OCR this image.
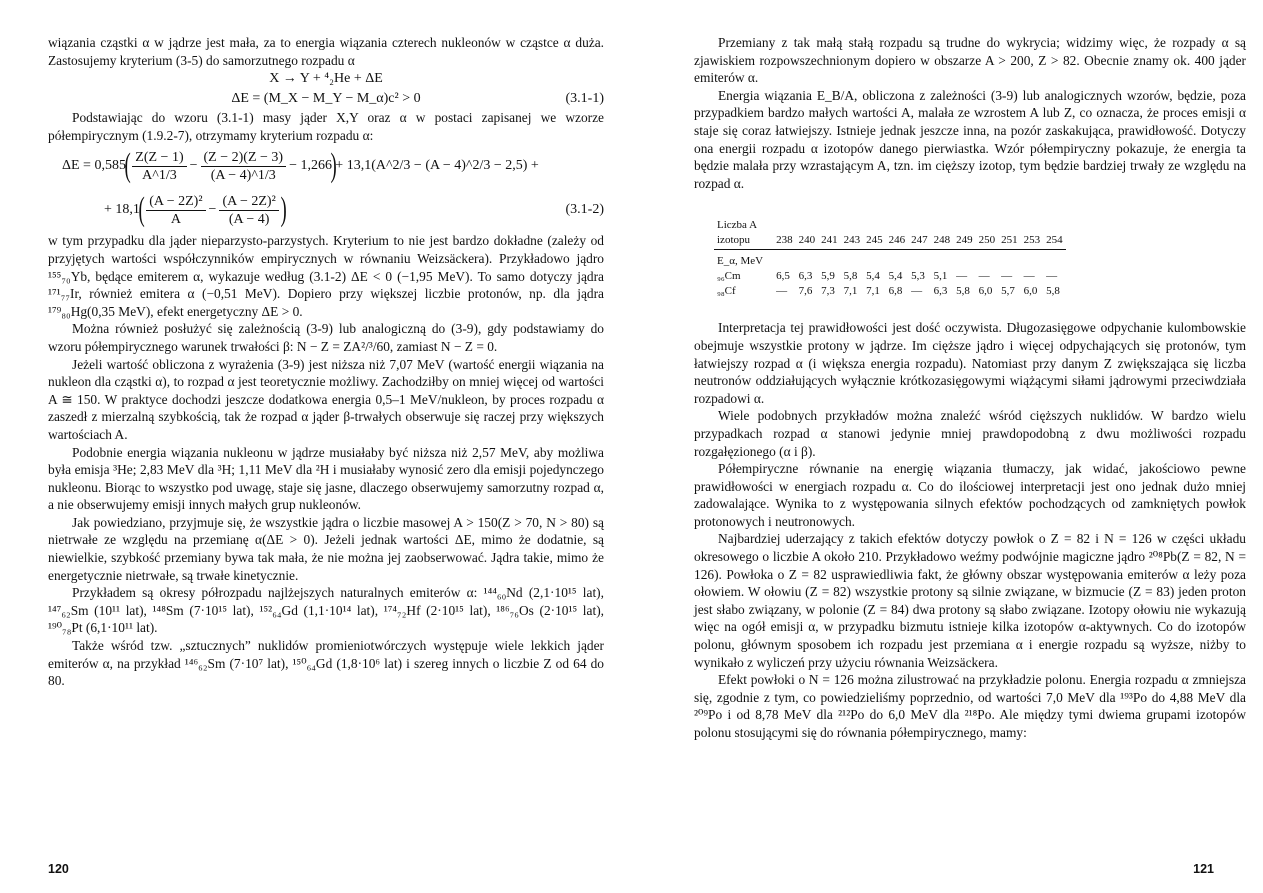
wiązania cząstki α w jądrze jest mała, za to energia wiązania czterech nukleonów w cząstce α duża. Zastosujemy kryterium (3-5) do samorzutnego rozpadu α

X → Y + ⁴₂He + ΔE
ΔE = (M_X − M_Y − M_α)c² > 0	(3.1-1)

Podstawiając do wzoru (3.1-1) masy jąder X,Y oraz α w postaci zapisanej we wzorze półempirycznym (1.9.2-7), otrzymamy kryterium rozpadu α:

ΔE = 0,585
( $\frac{Z(Z - 1)}{A\^{}1/3} - \frac{(Z - 2)(Z - 3)}{(A - 4)\^{}1/3} - 1,266$
)
+ 13,1(A^2/3 − (A − 4)^2/3 − 2,5) +
+ 18,1
( $\frac{\text{(A − 2Z)²}}{A} - \frac{\text{(A − 2Z)²}}{(A - 4)}$ )	(3.1-2)

w tym przypadku dla jąder nieparzysto-parzystych. Kryterium to nie jest bardzo dokładne (zależy od przyjętych wartości współczynników empirycznych w równaniu Weizsäckera). Przykładowo jądro ¹⁵⁵₇₀Yb, będące emiterem α, wykazuje według (3.1-2) ΔE < 0 (−1,95 MeV). To samo dotyczy jądra ¹⁷¹₇₇Ir, również emitera α (−0,51 MeV). Dopiero przy większej liczbie protonów, np. dla jądra ¹⁷⁹₈₀Hg(0,35 MeV), efekt energetyczny ΔE > 0.

Można również posłużyć się zależnością (3-9) lub analogiczną do (3-9), gdy podstawiamy do wzoru półempirycznego warunek trwałości β: N − Z = ZA²/³/60, zamiast N − Z = 0.

Jeżeli wartość obliczona z wyrażenia (3-9) jest niższa niż 7,07 MeV (wartość energii wiązania na nukleon dla cząstki α), to rozpad α jest teoretycznie możliwy. Zachodziłby on mniej więcej od wartości A ≅ 150. W praktyce dochodzi jeszcze dodatkowa energia 0,5–1 MeV/nukleon, by proces rozpadu α zaszedł z mierzalną szybkością, tak że rozpad α jąder β-trwałych obserwuje się raczej przy większych wartościach A.

Podobnie energia wiązania nukleonu w jądrze musiałaby być niższa niż 2,57 MeV, aby możliwa była emisja ³He; 2,83 MeV dla ³H; 1,11 MeV dla ²H i musiałaby wynosić zero dla emisji pojedynczego nukleonu. Biorąc to wszystko pod uwagę, staje się jasne, dlaczego obserwujemy samorzutny rozpad α, a nie obserwujemy emisji innych małych grup nukleonów.

Jak powiedziano, przyjmuje się, że wszystkie jądra o liczbie masowej A > 150(Z > 70, N > 80) są nietrwałe ze względu na przemianę α(ΔE > 0). Jeżeli jednak wartości ΔE, mimo że dodatnie, są niewielkie, szybkość przemiany bywa tak mała, że nie można jej zaobserwować. Jądra takie, mimo że energetycznie nietrwałe, są trwałe kinetycznie.

Przykładem są okresy półrozpadu najlżejszych naturalnych emiterów α: ¹⁴⁴₆₀Nd (2,1·10¹⁵ lat), ¹⁴⁷₆₂Sm (10¹¹ lat), ¹⁴⁸Sm (7·10¹⁵ lat), ¹⁵²₆₄Gd (1,1·10¹⁴ lat), ¹⁷⁴₇₂Hf (2·10¹⁵ lat), ¹⁸⁶₇₆Os (2·10¹⁵ lat), ¹⁹⁰₇₈Pt (6,1·10¹¹ lat).

Także wśród tzw. „sztucznych” nuklidów promieniotwórczych występuje wiele lekkich jąder emiterów α, na przykład ¹⁴⁶₆₂Sm (7·10⁷ lat), ¹⁵⁰₆₄Gd (1,8·10⁶ lat) i szereg innych o liczbie Z od 64 do 80.

120

Przemiany z tak małą stałą rozpadu są trudne do wykrycia; widzimy więc, że rozpady α są zjawiskiem rozpowszechnionym dopiero w obszarze A > 200, Z > 82. Obecnie znamy ok. 400 jąder emiterów α.

Energia wiązania E_B/A, obliczona z zależności (3-9) lub analogicznych wzorów, będzie, poza przypadkiem bardzo małych wartości A, malała ze wzrostem A lub Z, co oznacza, że proces emisji α staje się coraz łatwiejszy. Istnieje jednak jeszcze inna, na pozór zaskakująca, prawidłowość. Dotyczy ona energii rozpadu α izotopów danego pierwiastka. Wzór półempiryczny pokazuje, że energia ta będzie malała przy wzrastającym A, tzn. im cięższy izotop, tym będzie bardziej trwały ze względu na rozpad α.

Liczba A													
izotopu	238	240	241	243	245	246	247	248	249	250	251	253	254
E_α, MeV													
₉₆Cm	6,5	6,3	5,9	5,8	5,4	5,4	5,3	5,1	—	—	—	—	—
₉₈Cf	—	7,6	7,3	7,1	7,1	6,8	—	6,3	5,8	6,0	5,7	6,0	5,8

Interpretacja tej prawidłowości jest dość oczywista. Długozasięgowe odpychanie kulombowskie obejmuje wszystkie protony w jądrze. Im cięższe jądro i więcej odpychających się protonów, tym łatwiejszy rozpad α (i większa energia rozpadu). Natomiast przy danym Z zwiększająca się liczba neutronów oddziałujących wyłącznie krótkozasięgowymi wiążącymi siłami jądrowymi przeciwdziała rozpadowi α.

Wiele podobnych przykładów można znaleźć wśród cięższych nuklidów. W bardzo wielu przypadkach rozpad α stanowi jedynie mniej prawdopodobną z dwu możliwości rozpadu rozgałęzionego (α i β).

Półempiryczne równanie na energię wiązania tłumaczy, jak widać, jakościowo pewne prawidłowości w energiach rozpadu α. Co do ilościowej interpretacji jest ono jednak dużo mniej zadowalające. Wynika to z występowania silnych efektów pochodzących od zamkniętych powłok protonowych i neutronowych.

Najbardziej uderzający z takich efektów dotyczy powłok o Z = 82 i N = 126 w części układu okresowego o liczbie A około 210. Przykładowo weźmy podwójnie magiczne jądro ²⁰⁸Pb(Z = 82, N = 126). Powłoka o Z = 82 usprawiedliwia fakt, że główny obszar występowania emiterów α leży poza ołowiem. W ołowiu (Z = 82) wszystkie protony są silnie związane, w bizmucie (Z = 83) jeden proton jest słabo związany, w polonie (Z = 84) dwa protony są słabo związane. Izotopy ołowiu nie wykazują więc na ogół emisji α, w przypadku bizmutu istnieje kilka izotopów α-aktywnych. Co do izotopów polonu, głównym sposobem ich rozpadu jest przemiana α i energie rozpadu są wyższe, niżby to wynikało z wyliczeń przy użyciu równania Weizsäckera.

Efekt powłoki o N = 126 można zilustrować na przykładzie polonu. Energia rozpadu α zmniejsza się, zgodnie z tym, co powiedzieliśmy poprzednio, od wartości 7,0 MeV dla ¹⁹³Po do 4,88 MeV dla ²⁰⁹Po i od 8,78 MeV dla ²¹²Po do 6,0 MeV dla ²¹⁸Po. Ale między tymi dwiema grupami izotopów polonu stosującymi się do równania półempirycznego, mamy:

121
